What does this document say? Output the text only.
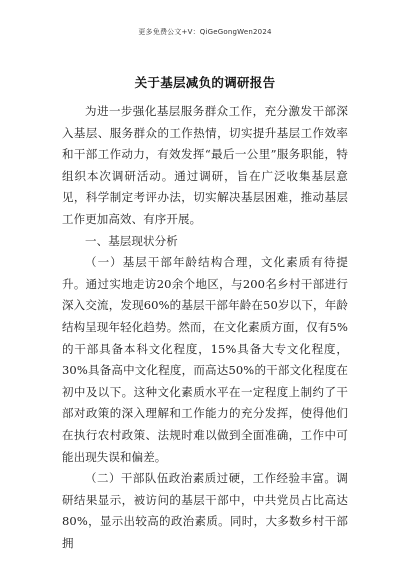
更多免费公文+V：QiGeGongWen2024
关于基层减负的调研报告

为进一步强化基层服务群众工作，充分激发干部深入基层、服务群众的工作热情，切实提升基层工作效率和干部工作动力，有效发挥“最后一公里”服务职能，特组织本次调研活动。通过调研，旨在广泛收集基层意见，科学制定考评办法，切实解决基层困难，推动基层工作更加高效、有序开展。

一、基层现状分析

（一）基层干部年龄结构合理，文化素质有待提升。通过实地走访20余个地区，与200名乡村干部进行深入交流，发现60%的基层干部年龄在50岁以下，年龄结构呈现年轻化趋势。然而，在文化素质方面，仅有5%的干部具备本科文化程度，15%具备大专文化程度，30%具备高中文化程度，而高达50%的干部文化程度在初中及以下。这种文化素质水平在一定程度上制约了干部对政策的深入理解和工作能力的充分发挥，使得他们在执行农村政策、法规时难以做到全面准确，工作中可能出现失误和偏差。

（二）干部队伍政治素质过硬，工作经验丰富。调研结果显示，被访问的基层干部中，中共党员占比高达80%，显示出较高的政治素质。同时，大多数乡村干部拥
